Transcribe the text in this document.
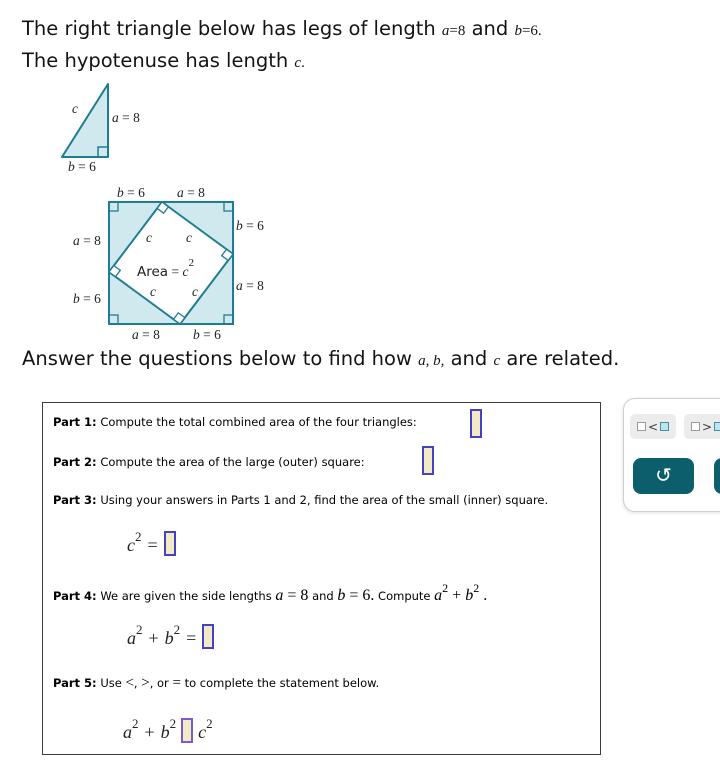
The right triangle below has legs of length a=8 and b=6.
The hypotenuse has length c.
c
a = 8
b = 6
b = 6 a = 8
a = 8
b = 6
b = 6
a = 8
a = 8 b = 6
c	c
c	c
Area = $c^2$
Answer the questions below to find how a, b, and c are related.
Part 1: Compute the total combined area of the four triangles:
Part 2: Compute the area of the large (outer) square:
Part 3: Using your answers in Parts 1 and 2, find the area of the small (inner) square.
$c^2$ =
Part 4: We are given the side lengths a = 8 and b = 6. Compute a2 + b2 .
$a^2 + b^2$ =
Part 5: Use <, >, or = to complete the statement below.
$a^2 + b^2$ $c^2$
<	>
↺
